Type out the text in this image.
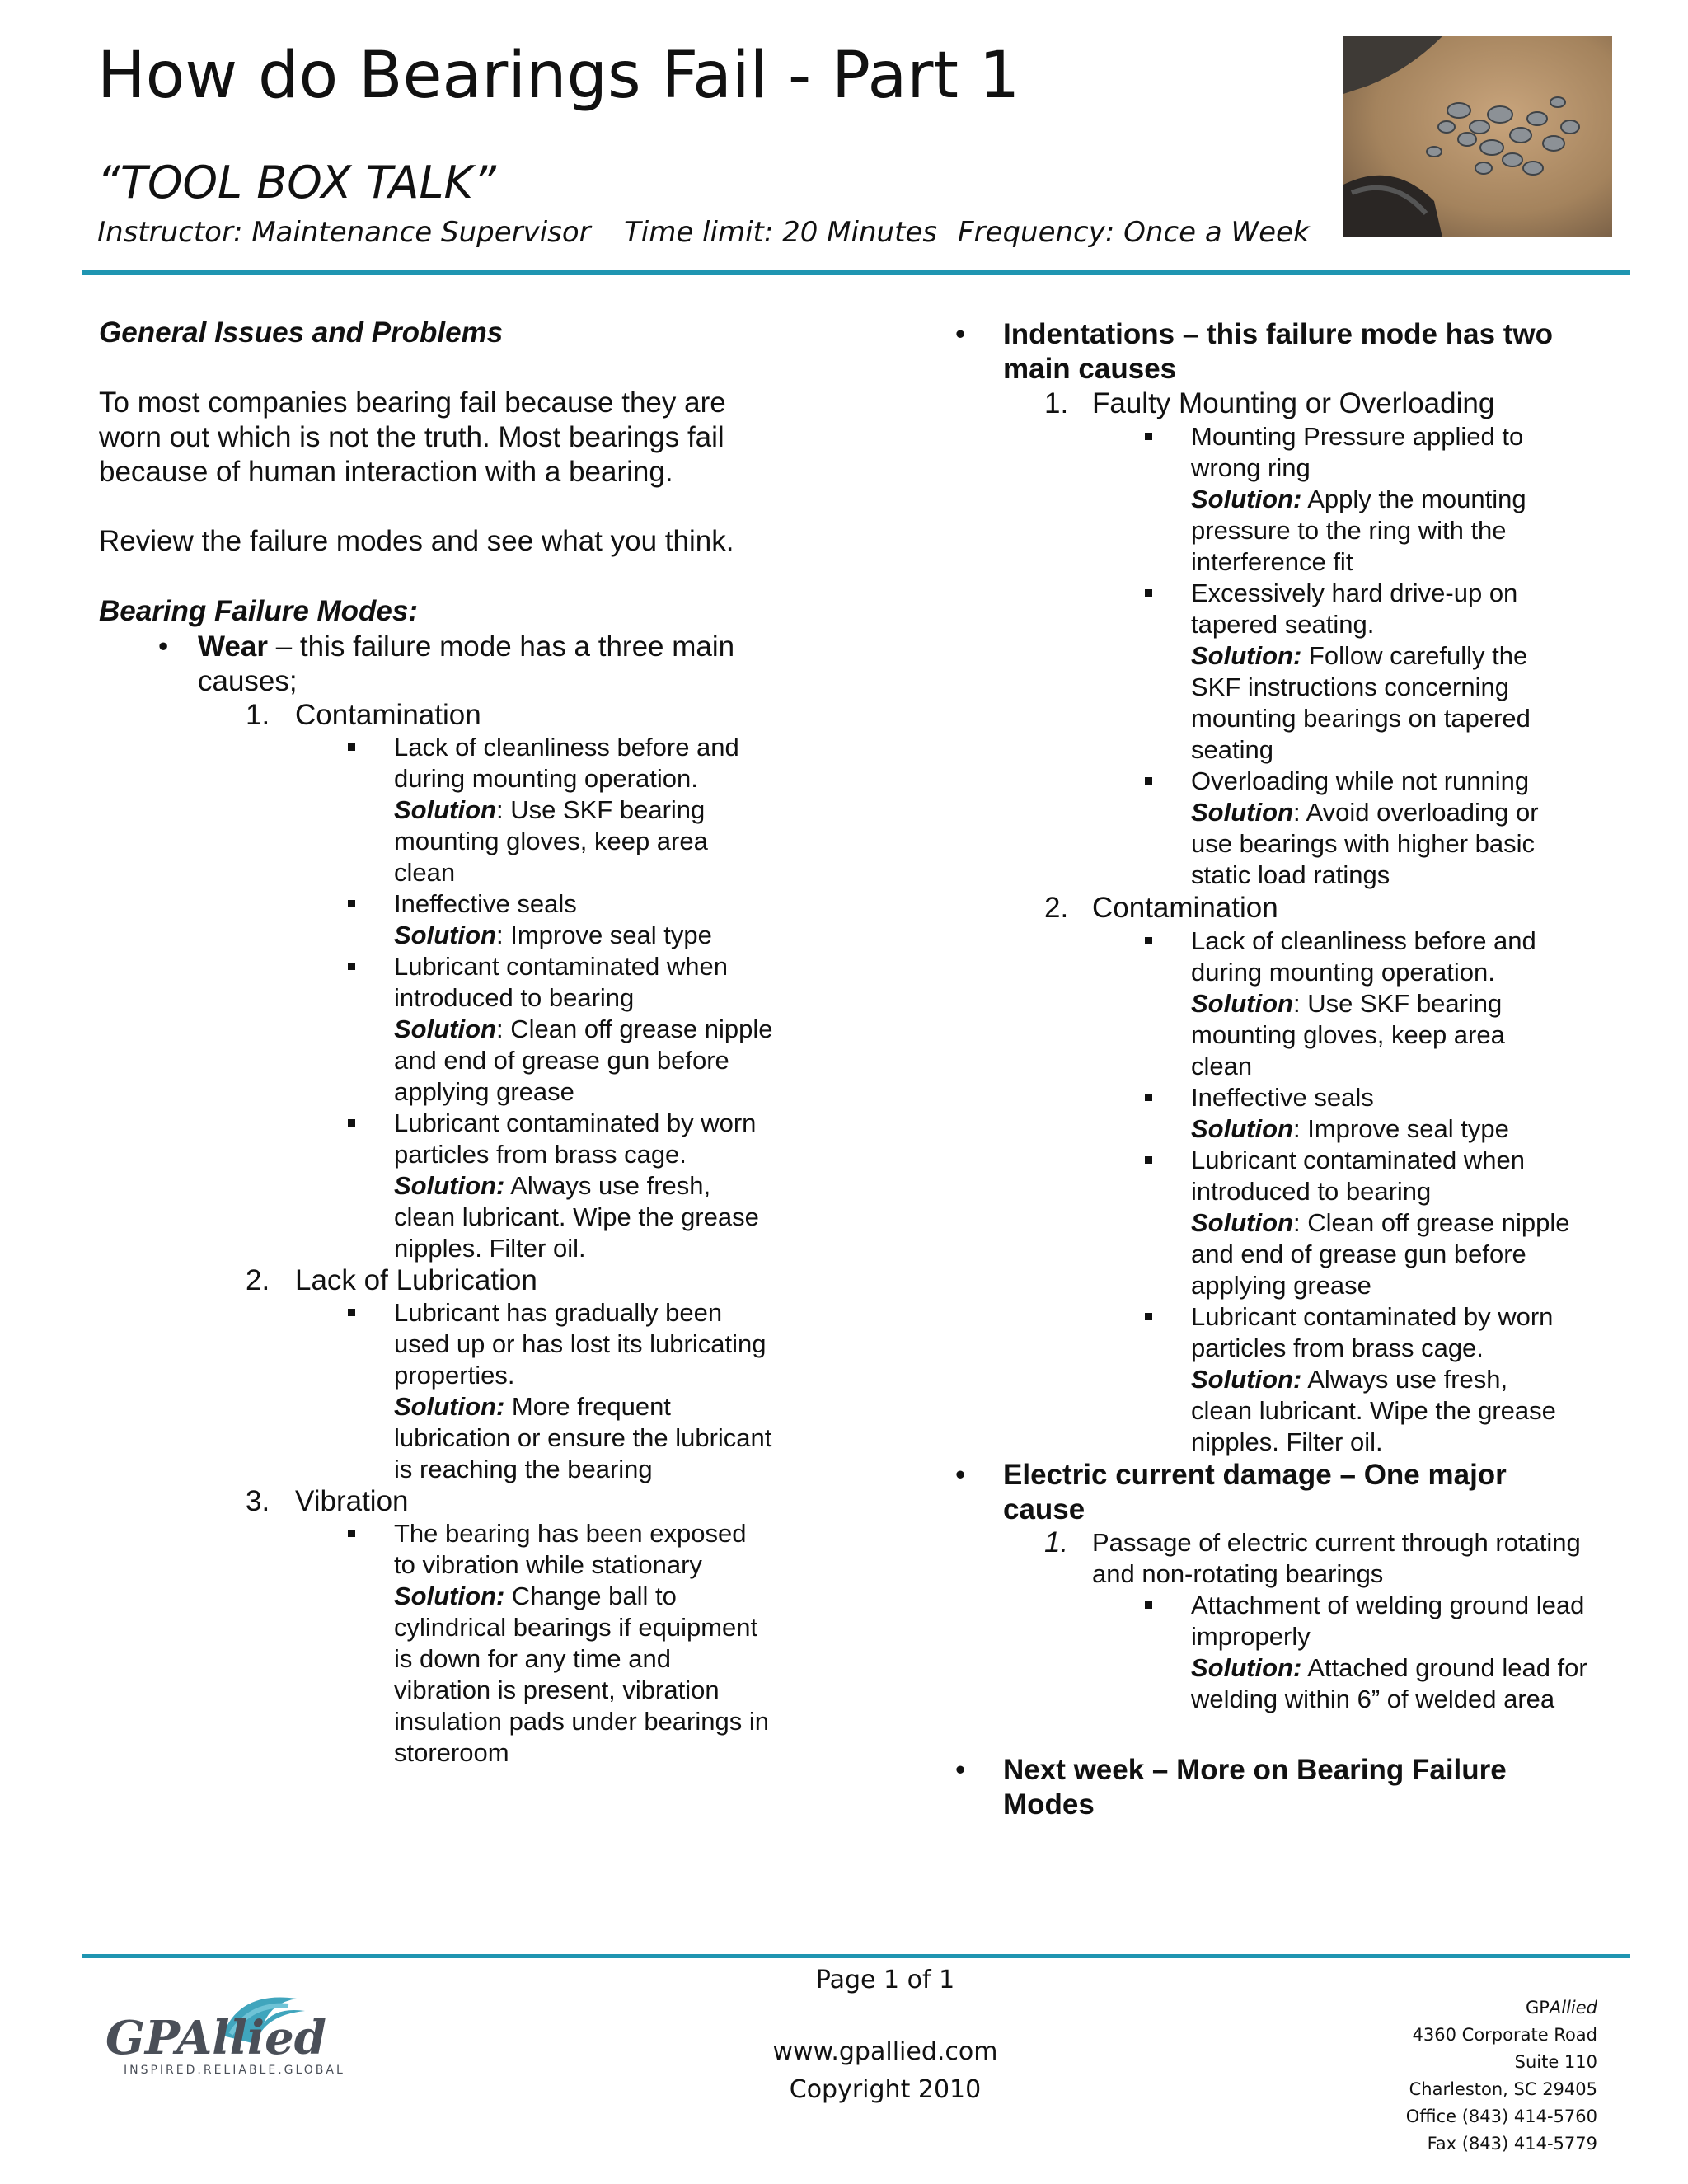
How do Bearings Fail - Part 1
“TOOL BOX TALK”
Instructor: Maintenance Supervisor Time limit: 20 Minutes Frequency: Once a Week

General Issues and Problems

To most companies bearing fail because they are

worn out which is not the truth. Most bearings fail

because of human interaction with a bearing.

Review the failure modes and see what you think.

Bearing Failure Modes:

• Wear – this failure mode has a three main
causes;
1. Contamination
Lack of cleanliness before and
during mounting operation.
Solution: Use SKF bearing
mounting gloves, keep area
clean
Ineffective seals
Solution: Improve seal type
Lubricant contaminated when
introduced to bearing
Solution: Clean off grease nipple
and end of grease gun before
applying grease
Lubricant contaminated by worn
particles from brass cage.
Solution: Always use fresh,
clean lubricant. Wipe the grease
nipples. Filter oil.
2. Lack of Lubrication
Lubricant has gradually been
used up or has lost its lubricating
properties.
Solution: More frequent
lubrication or ensure the lubricant
is reaching the bearing
3. Vibration
The bearing has been exposed
to vibration while stationary
Solution: Change ball to
cylindrical bearings if equipment
is down for any time and
vibration is present, vibration
insulation pads under bearings in
storeroom
• Indentations – this failure mode has two
main causes
1. Faulty Mounting or Overloading
Mounting Pressure applied to
wrong ring
Solution: Apply the mounting
pressure to the ring with the
interference fit
Excessively hard drive-up on
tapered seating.
Solution: Follow carefully the
SKF instructions concerning
mounting bearings on tapered
seating
Overloading while not running
Solution: Avoid overloading or
use bearings with higher basic
static load ratings
2. Contamination
Lack of cleanliness before and
during mounting operation.
Solution: Use SKF bearing
mounting gloves, keep area
clean
Ineffective seals
Solution: Improve seal type
Lubricant contaminated when
introduced to bearing
Solution: Clean off grease nipple
and end of grease gun before
applying grease
Lubricant contaminated by worn
particles from brass cage.
Solution: Always use fresh,
clean lubricant. Wipe the grease
nipples. Filter oil.
• Electric current damage – One major
cause
1. Passage of electric current through rotating
and non-rotating bearings
Attachment of welding ground lead
improperly
Solution: Attached ground lead for
welding within 6” of welded area
• Next week – More on Bearing Failure
Modes
GPAllied
INSPIRED.RELIABLE.GLOBAL
Page 1 of 1
www.gpallied.com
Copyright 2010
GPAllied
4360 Corporate Road
Suite 110
Charleston, SC 29405
Office (843) 414-5760
Fax (843) 414-5779
